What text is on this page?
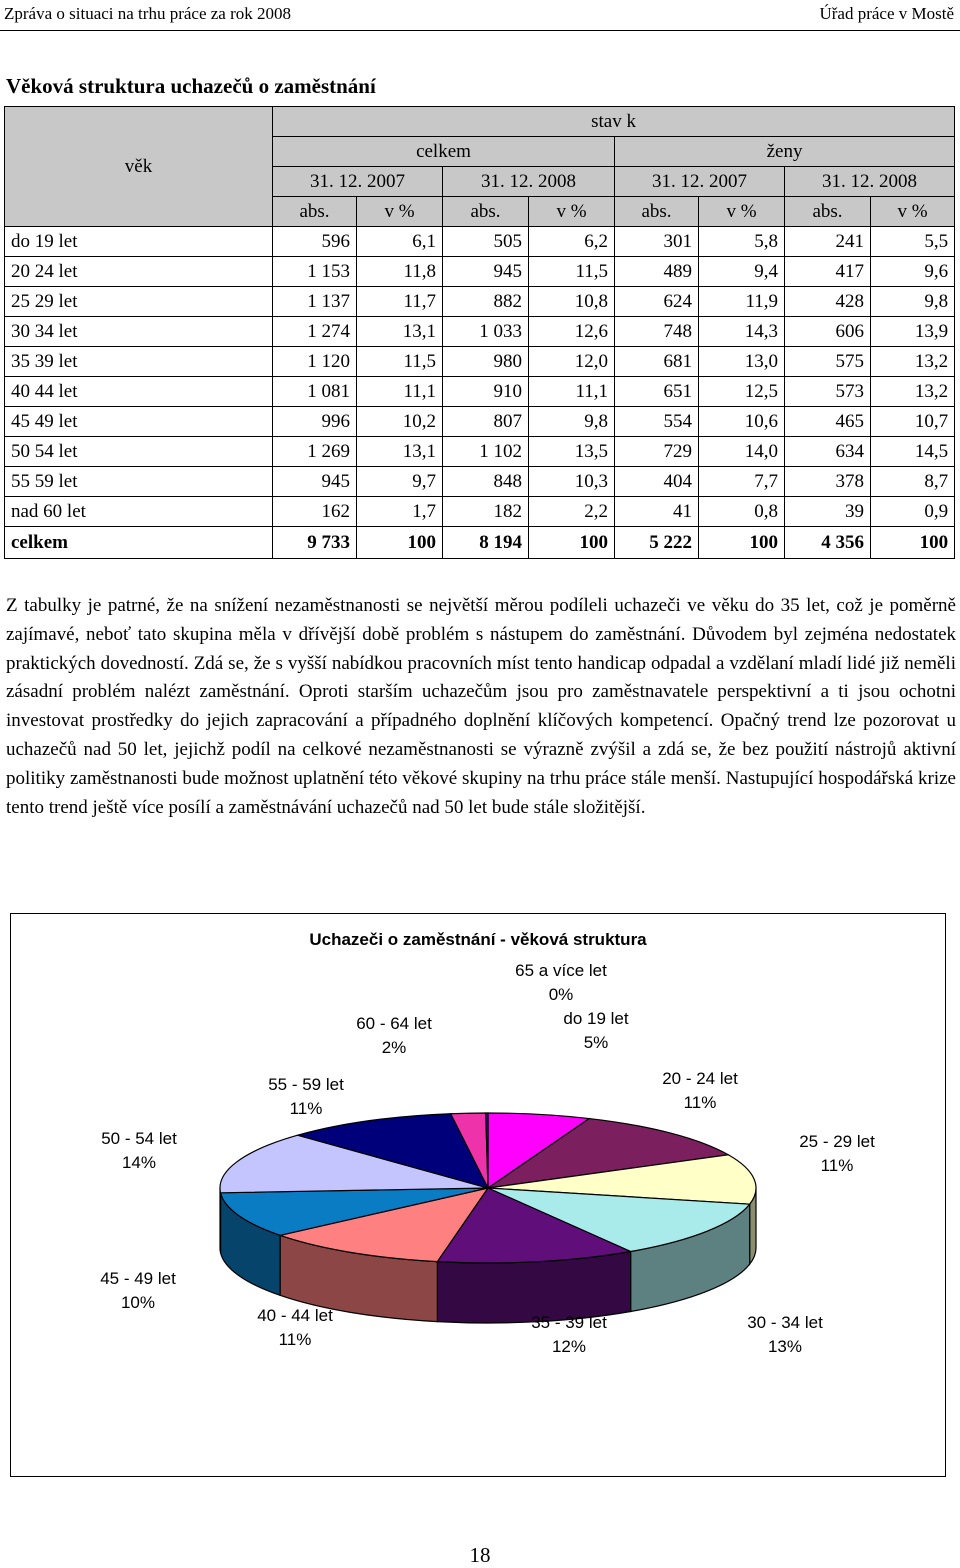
Zpráva o situaci na trhu práce za rok 2008	Úřad práce v Mostě
Věková struktura uchazečů o zaměstnání
věk	stav k							
	celkem				ženy			
	31. 12. 2007		31. 12. 2008		31. 12. 2007		31. 12. 2008	
	abs.	v %	abs.	v %	abs.	v %	abs.	v %
do 19 let	596	6,1	505	6,2	301	5,8	241	5,5
20 24 let	1 153	11,8	945	11,5	489	9,4	417	9,6
25 29 let	1 137	11,7	882	10,8	624	11,9	428	9,8
30 34 let	1 274	13,1	1 033	12,6	748	14,3	606	13,9
35 39 let	1 120	11,5	980	12,0	681	13,0	575	13,2
40 44 let	1 081	11,1	910	11,1	651	12,5	573	13,2
45 49 let	996	10,2	807	9,8	554	10,6	465	10,7
50 54 let	1 269	13,1	1 102	13,5	729	14,0	634	14,5
55 59 let	945	9,7	848	10,3	404	7,7	378	8,7
nad 60 let	162	1,7	182	2,2	41	0,8	39	0,9
celkem	9 733	100	8 194	100	5 222	100	4 356	100
Z tabulky je patrné, že na snížení nezaměstnanosti se největší měrou podíleli uchazeči ve věku do 35 let, což je poměrně zajímavé, neboť tato skupina měla v dřívější době problém s nástupem do zaměstnání. Důvodem byl zejména nedostatek praktických dovedností. Zdá se, že s vyšší nabídkou pracovních míst tento handicap odpadal a vzdělaní mladí lidé již neměli zásadní problém nalézt zaměstnání. Oproti starším uchazečům jsou pro zaměstnavatele perspektivní a ti jsou ochotni investovat prostředky do jejich zapracování a případného doplnění klíčových kompetencí. Opačný trend lze pozorovat u uchazečů nad 50 let, jejichž podíl na celkové nezaměstnanosti se výrazně zvýšil a zdá se, že bez použití nástrojů aktivní politiky zaměstnanosti bude možnost uplatnění této věkové skupiny na trhu práce stále menší. Nastupující hospodářská krize tento trend ještě více posílí a zaměstnávání uchazečů nad 50 let bude stále složitější.
Uchazeči o zaměstnání - věková struktura
do 19 let
5%
20 - 24 let
11%
25 - 29 let
11%
30 - 34 let
13%
35 - 39 let
12%
40 - 44 let
11%
45 - 49 let
10%
50 - 54 let
14%
55 - 59 let
11%
60 - 64 let
2%
65 a více let
0%
18
